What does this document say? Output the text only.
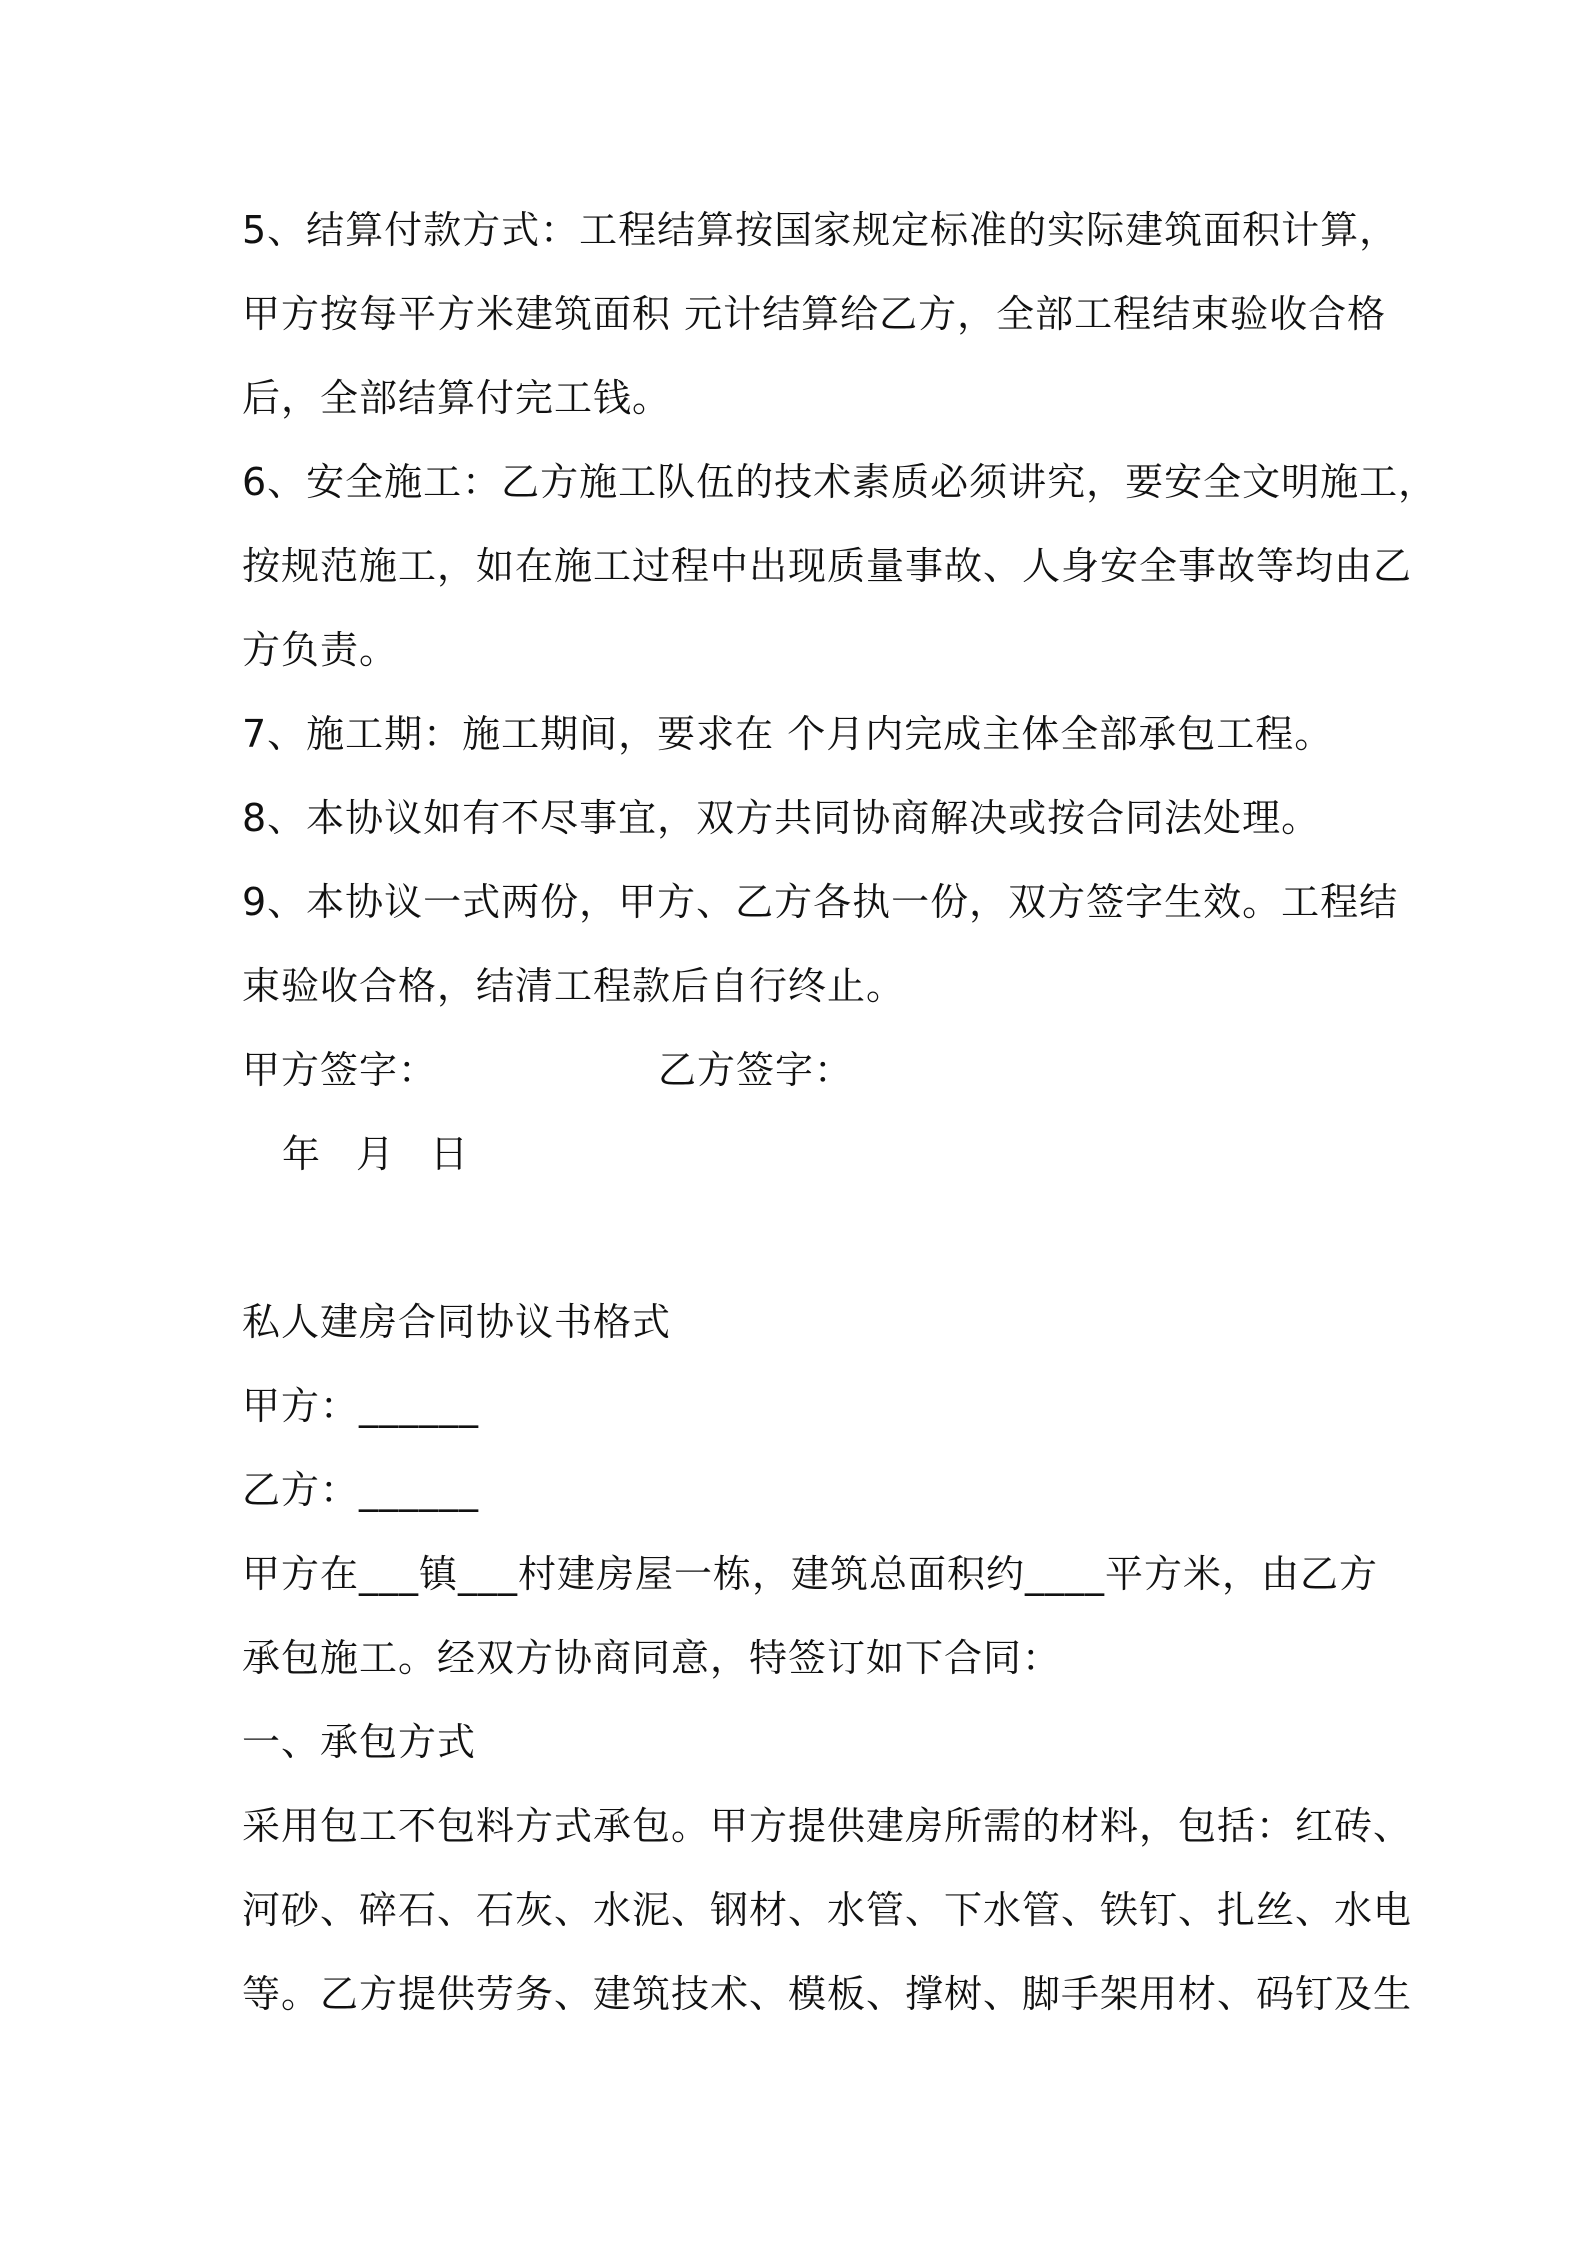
5、结算付款方式：工程结算按国家规定标准的实际建筑面积计算，
甲方按每平方米建筑面积 元计结算给乙方，全部工程结束验收合格
后，全部结算付完工钱。
6、安全施工：乙方施工队伍的技术素质必须讲究，要安全文明施工，
按规范施工，如在施工过程中出现质量事故、人身安全事故等均由乙
方负责。
7、施工期：施工期间，要求在 个月内完成主体全部承包工程。
8、本协议如有不尽事宜，双方共同协商解决或按合同法处理。
9、本协议一式两份，甲方、乙方各执一份，双方签字生效。工程结
束验收合格，结清工程款后自行终止。
甲方签字：	乙方签字：
年 月 日
私人建房合同协议书格式
甲方：______
乙方：______
甲方在___镇___村建房屋一栋，建筑总面积约____平方米，由乙方
承包施工。经双方协商同意，特签订如下合同：
一、承包方式
采用包工不包料方式承包。甲方提供建房所需的材料，包括：红砖、
河砂、碎石、石灰、水泥、钢材、水管、下水管、铁钉、扎丝、水电
等。乙方提供劳务、建筑技术、模板、撑树、脚手架用材、码钉及生
